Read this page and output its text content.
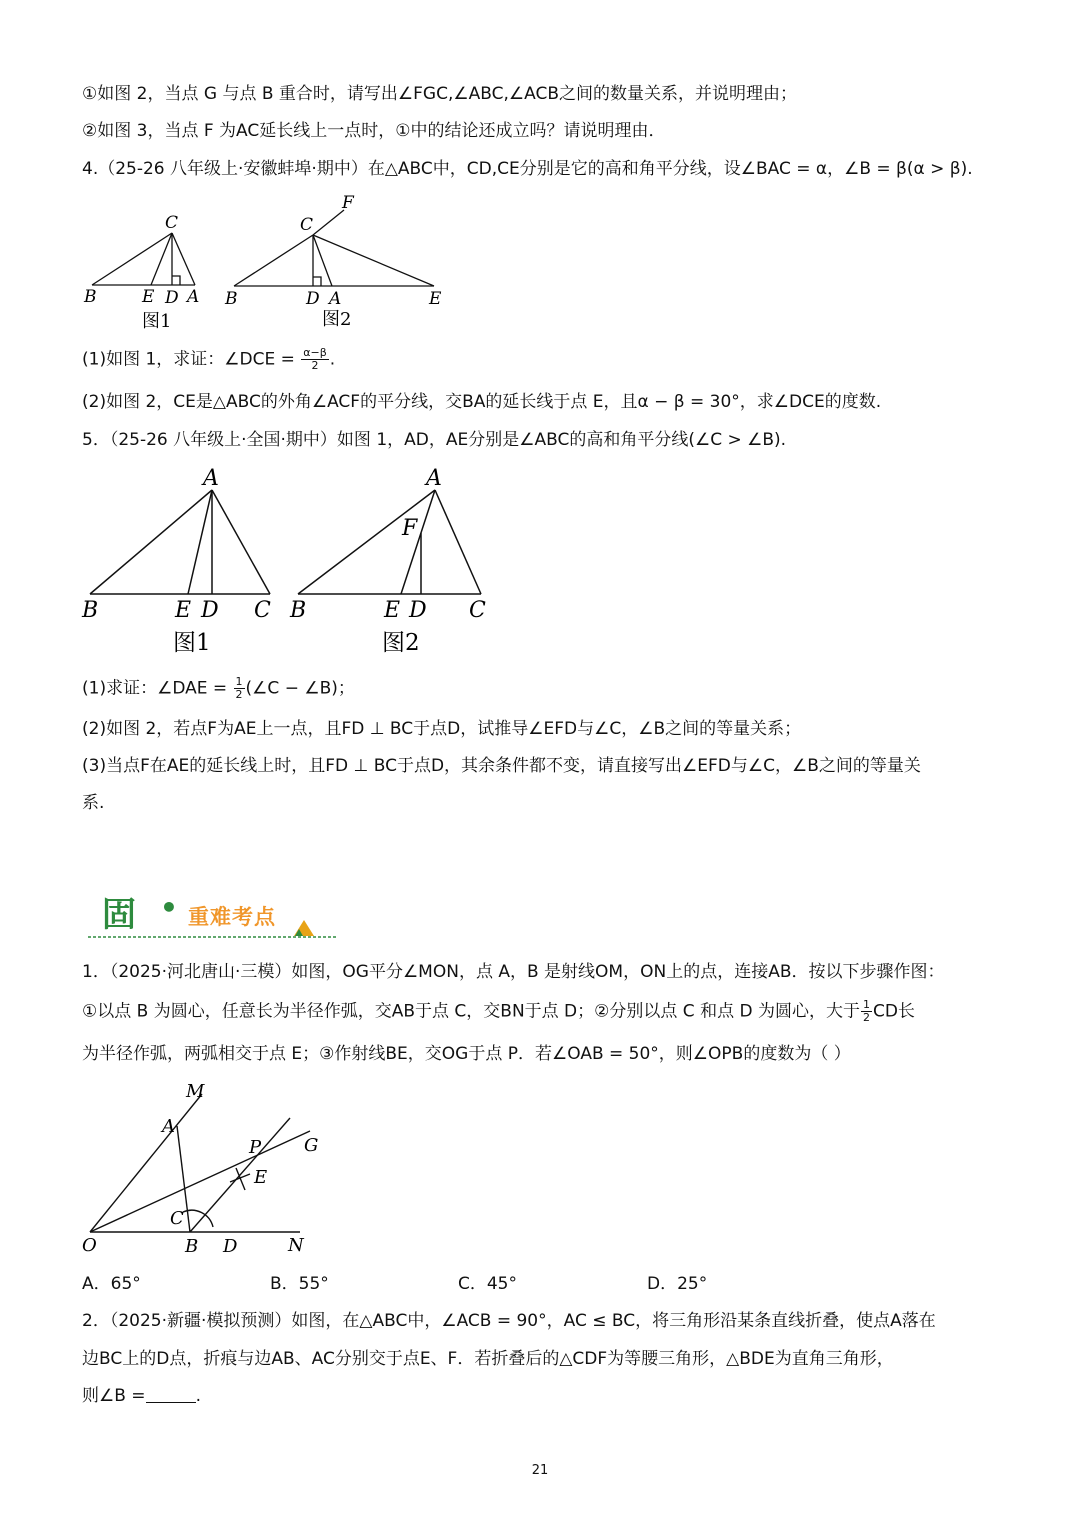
①如图 2，当点 G 与点 B 重合时，请写出∠FGC,∠ABC,∠ACB之间的数量关系，并说明理由；
②如图 3，当点 F 为AC延长线上一点时，①中的结论还成立吗？请说明理由．
4.（25-26 八年级上·安徽蚌埠·期中）在△ABC中，CD,CE分别是它的高和角平分线，设∠BAC = α，∠B = β(α > β).
C
B	E D A
图1
C
F
B	D A	E
图2
(1)如图 1，求证：∠DCE = $\frac{\alpha-\beta}{2}$ .
(2)如图 2，CE是△ABC的外角∠ACF的平分线，交BA的延长线于点 E，且α − β = 30°，求∠DCE的度数.
5．（25-26 八年级上·全国·期中）如图 1，AD，AE分别是∠ABC的高和角平分线(∠C > ∠B).
A
B	E D C
图1
A
F
B	E D C
图2
(1)求证：∠DAE = $\frac{1}{2}$ (∠C − ∠B)；
(2)如图 2，若点F为AE上一点，且FD ⊥ BC于点D，试推导∠EFD与∠C，∠B之间的等量关系；
(3)当点F在AE的延长线上时，且FD ⊥ BC于点D，其余条件都不变，请直接写出∠EFD与∠C，∠B之间的等量关
系.
固 • 重难考点
1．（2025·河北唐山·三模）如图，OG平分∠MON，点 A，B 是射线OM，ON上的点，连接AB．按以下步骤作图：
①以点 B 为圆心，任意长为半径作弧，交AB于点 C，交BN于点 D；②分别以点 C 和点 D 为圆心，大于 $\frac{1}{2}$ CD长
为半径作弧，两弧相交于点 E；③作射线BE，交OG于点 P．若∠OAB = 50°，则∠OPB的度数为（ ）
M
A
P G
E
C
O	B D	N
A．65°	B．55°	C．45°	D．25°
2．（2025·新疆·模拟预测）如图，在△ABC中，∠ACB = 90°，AC ≤ BC，将三角形沿某条直线折叠，使点A落在
边BC上的D点，折痕与边AB、AC分别交于点E、F．若折叠后的△CDF为等腰三角形，△BDE为直角三角形，
则∠B =	.
21
